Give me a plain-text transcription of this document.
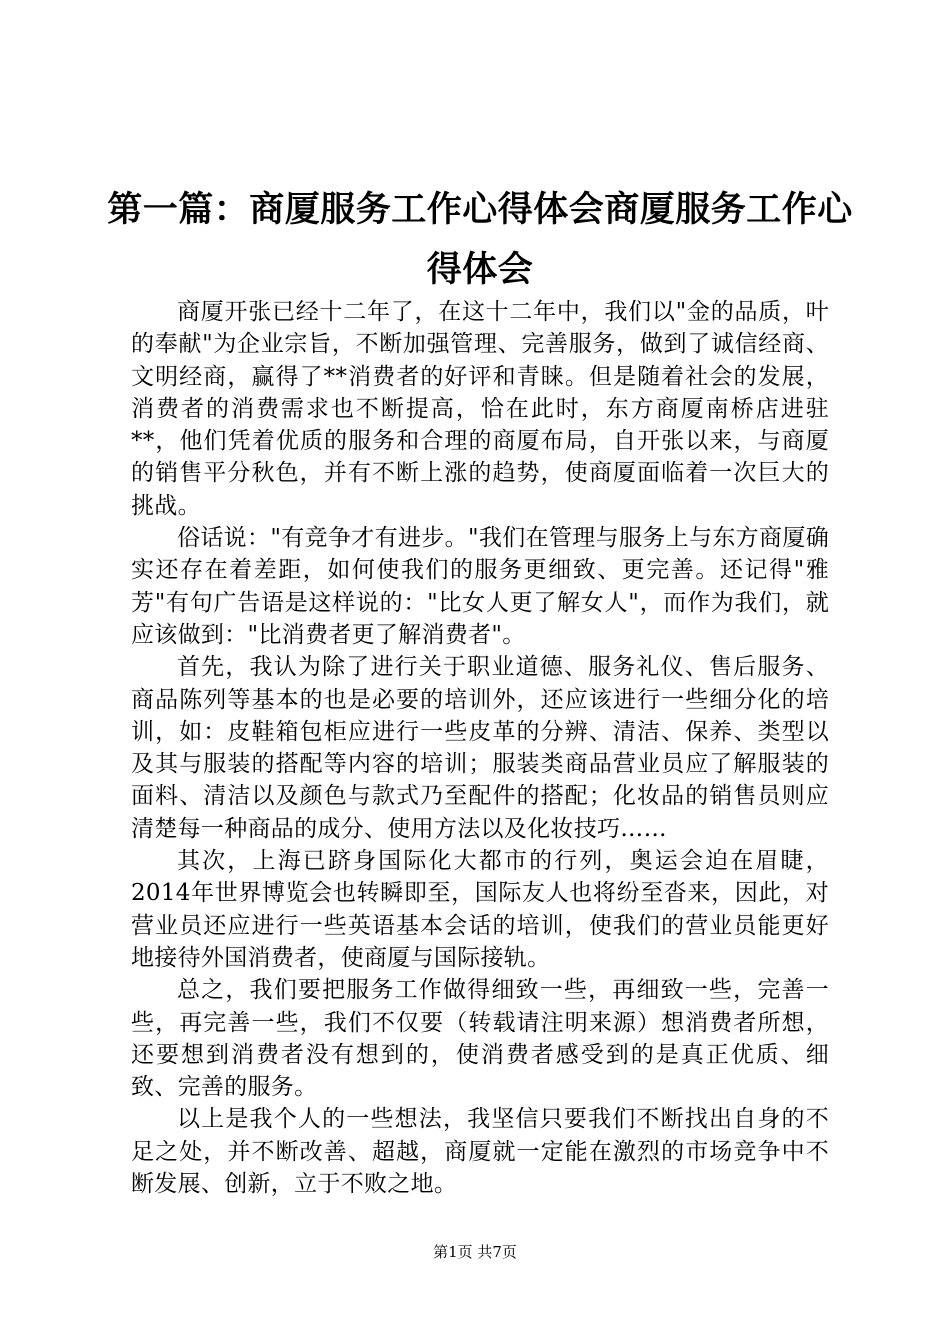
第一篇：商厦服务工作心得体会商厦服务工作心得体会

商厦开张已经十二年了，在这十二年中，我们以"金的品质，叶的奉献"为企业宗旨，不断加强管理、完善服务，做到了诚信经商、文明经商，赢得了**消费者的好评和青睐。但是随着社会的发展，消费者的消费需求也不断提高，恰在此时，东方商厦南桥店进驻**，他们凭着优质的服务和合理的商厦布局，自开张以来，与商厦的销售平分秋色，并有不断上涨的趋势，使商厦面临着一次巨大的挑战。

俗话说："有竞争才有进步。"我们在管理与服务上与东方商厦确实还存在着差距，如何使我们的服务更细致、更完善。还记得"雅芳"有句广告语是这样说的："比女人更了解女人"，而作为我们，就应该做到："比消费者更了解消费者"。

首先，我认为除了进行关于职业道德、服务礼仪、售后服务、商品陈列等基本的也是必要的培训外，还应该进行一些细分化的培训，如：皮鞋箱包柜应进行一些皮革的分辨、清洁、保养、类型以及其与服装的搭配等内容的培训；服装类商品营业员应了解服装的面料、清洁以及颜色与款式乃至配件的搭配；化妆品的销售员则应清楚每一种商品的成分、使用方法以及化妆技巧……

其次，上海已跻身国际化大都市的行列，奥运会迫在眉睫，2014年世界博览会也转瞬即至，国际友人也将纷至沓来，因此，对营业员还应进行一些英语基本会话的培训，使我们的营业员能更好地接待外国消费者，使商厦与国际接轨。

总之，我们要把服务工作做得细致一些，再细致一些，完善一些，再完善一些，我们不仅要（转载请注明来源）想消费者所想，还要想到消费者没有想到的，使消费者感受到的是真正优质、细致、完善的服务。

以上是我个人的一些想法，我坚信只要我们不断找出自身的不足之处，并不断改善、超越，商厦就一定能在激烈的市场竞争中不断发展、创新，立于不败之地。

第1页 共7页
